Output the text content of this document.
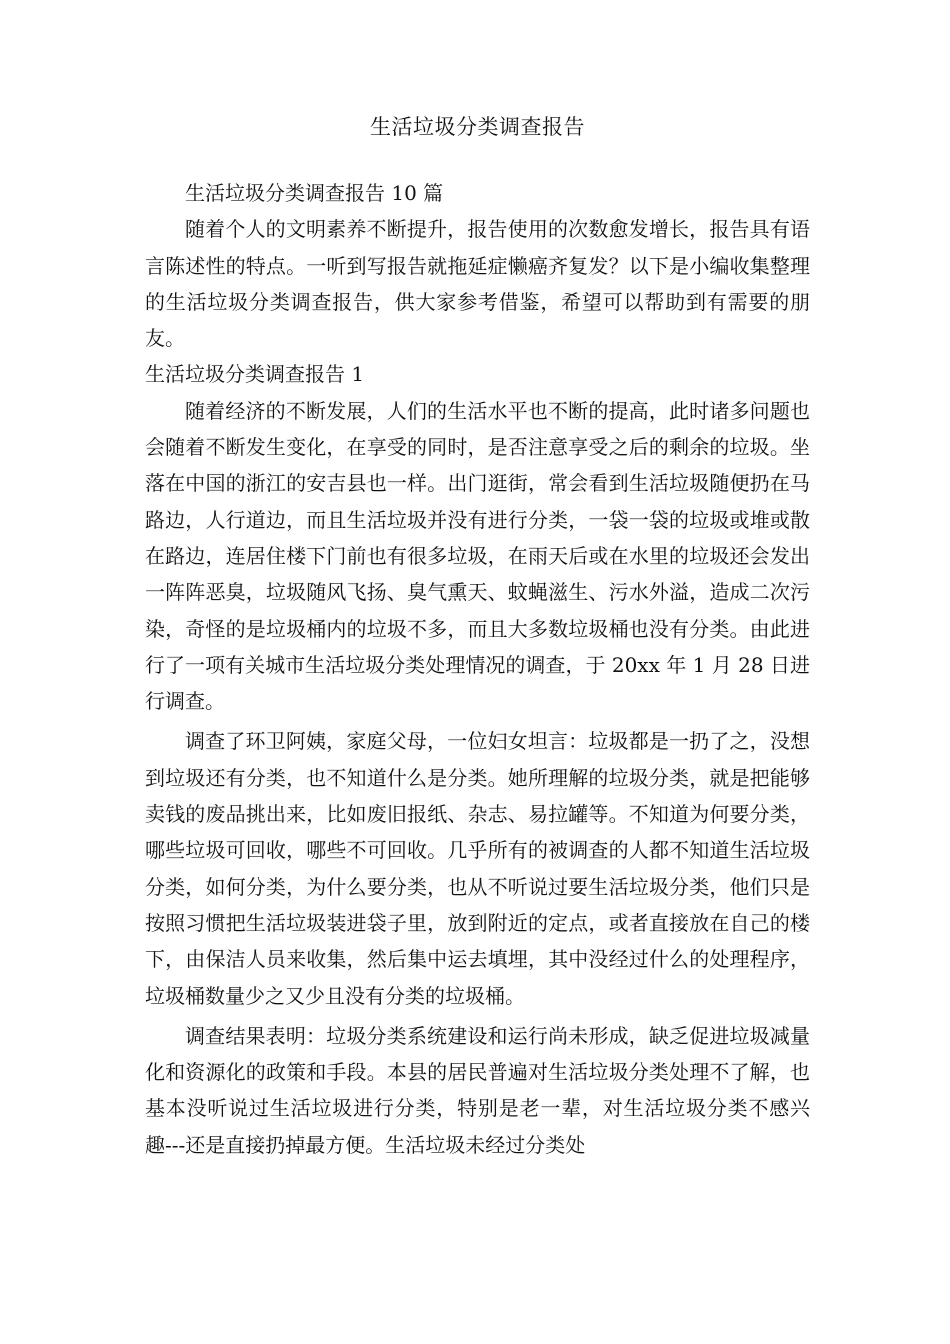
生活垃圾分类调查报告

生活垃圾分类调查报告 10 篇

随着个人的文明素养不断提升，报告使用的次数愈发增长，报告具有语言陈述性的特点。一听到写报告就拖延症懒癌齐复发？以下是小编收集整理的生活垃圾分类调查报告，供大家参考借鉴，希望可以帮助到有需要的朋友。

生活垃圾分类调查报告 1

随着经济的不断发展，人们的生活水平也不断的提高，此时诸多问题也会随着不断发生变化，在享受的同时，是否注意享受之后的剩余的垃圾。坐落在中国的浙江的安吉县也一样。出门逛街，常会看到生活垃圾随便扔在马路边，人行道边，而且生活垃圾并没有进行分类，一袋一袋的垃圾或堆或散在路边，连居住楼下门前也有很多垃圾，在雨天后或在水里的垃圾还会发出一阵阵恶臭，垃圾随风飞扬、臭气熏天、蚊蝇滋生、污水外溢，造成二次污染，奇怪的是垃圾桶内的垃圾不多，而且大多数垃圾桶也没有分类。由此进行了一项有关城市生活垃圾分类处理情况的调查，于 20xx 年 1 月 28 日进行调查。

调查了环卫阿姨，家庭父母，一位妇女坦言：垃圾都是一扔了之，没想到垃圾还有分类，也不知道什么是分类。她所理解的垃圾分类，就是把能够卖钱的废品挑出来，比如废旧报纸、杂志、易拉罐等。不知道为何要分类，哪些垃圾可回收，哪些不可回收。几乎所有的被调查的人都不知道生活垃圾分类，如何分类，为什么要分类，也从不听说过要生活垃圾分类，他们只是按照习惯把生活垃圾装进袋子里，放到附近的定点，或者直接放在自己的楼下，由保洁人员来收集，然后集中运去填埋，其中没经过什么的处理程序，垃圾桶数量少之又少且没有分类的垃圾桶。

调查结果表明：垃圾分类系统建设和运行尚未形成，缺乏促进垃圾减量化和资源化的政策和手段。本县的居民普遍对生活垃圾分类处理不了解，也基本没听说过生活垃圾进行分类，特别是老一辈，对生活垃圾分类不感兴趣---还是直接扔掉最方便。生活垃圾未经过分类处
